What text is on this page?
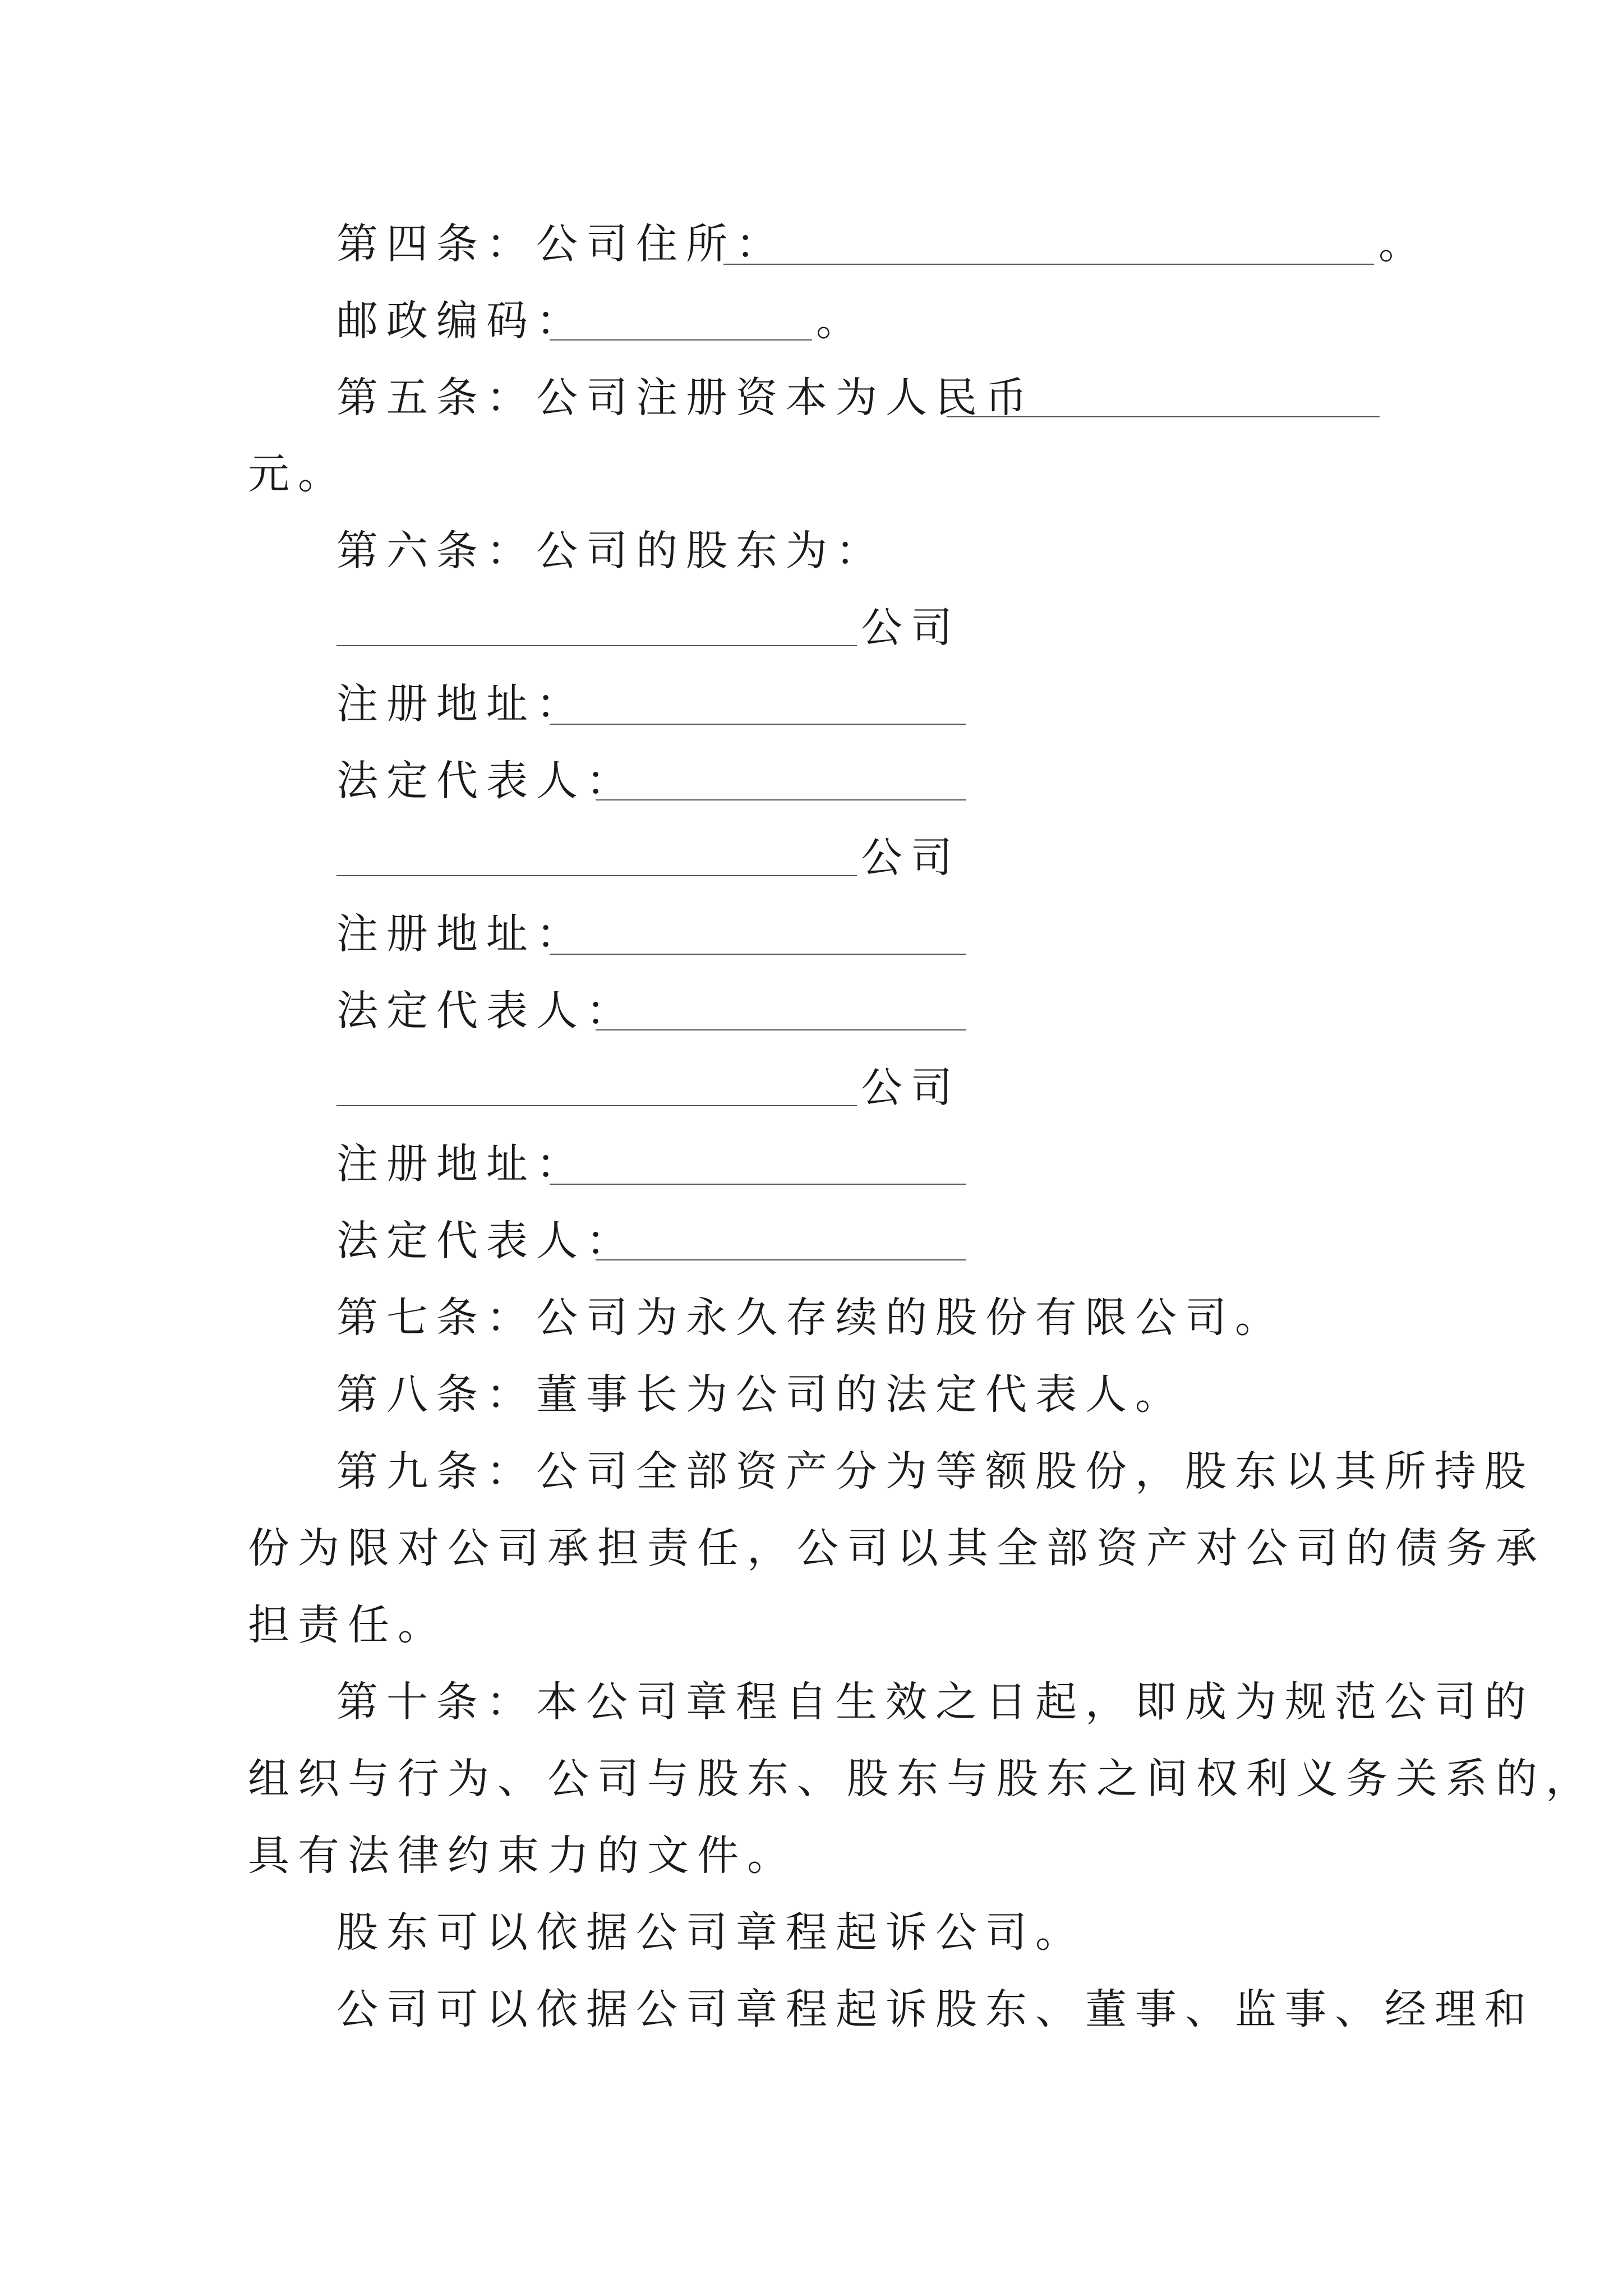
第四条：公司住所：	。
邮政编码：	。
第五条：公司注册资本为人民币
元。
第六条：公司的股东为：
公司
注册地址：
法定代表人：
公司
注册地址：
法定代表人：
公司
注册地址：
法定代表人：
第七条：公司为永久存续的股份有限公司。
第八条：董事长为公司的法定代表人。
第九条：公司全部资产分为等额股份，股东以其所持股
份为限对公司承担责任，公司以其全部资产对公司的债务承
担责任。
第十条：本公司章程自生效之日起，即成为规范公司的
组织与行为、公司与股东、股东与股东之间权利义务关系的，
具有法律约束力的文件。
股东可以依据公司章程起诉公司。
公司可以依据公司章程起诉股东、董事、监事、经理和
